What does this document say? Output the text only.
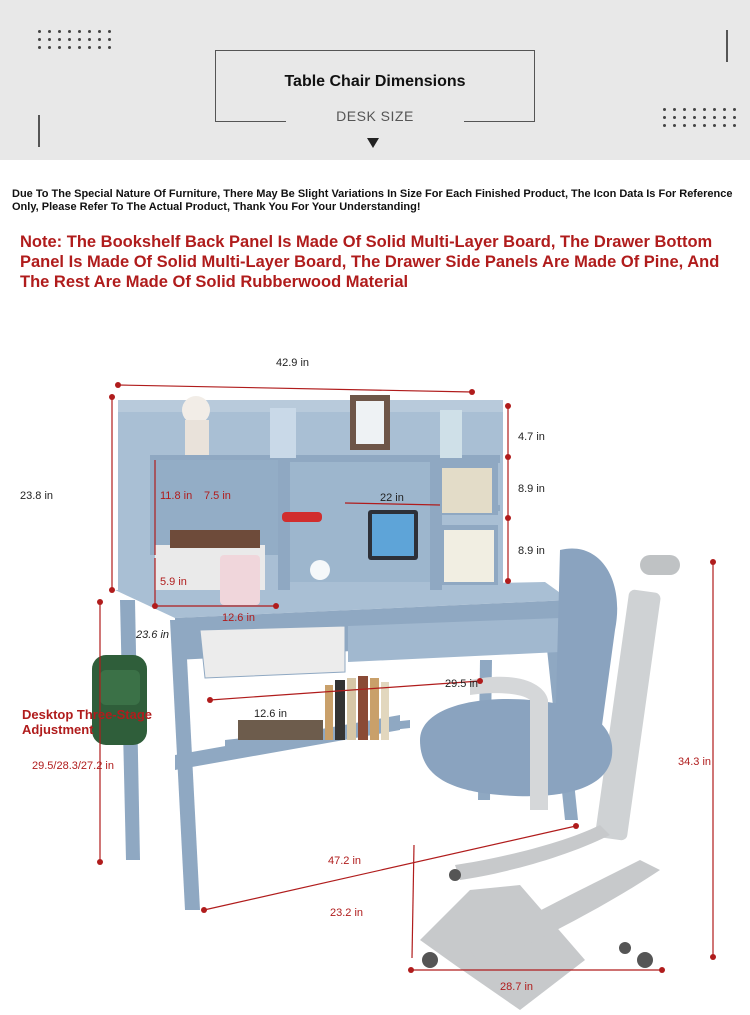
Table Chair Dimensions
DESK SIZE
Due To The Special Nature Of Furniture, There May Be Slight Variations In Size For Each Finished Product, The Icon Data Is For Reference Only, Please Refer To The Actual Product, Thank You For Your Understanding!
Note: The Bookshelf Back Panel Is Made Of Solid Multi-Layer Board, The Drawer Bottom Panel Is Made Of Solid Multi-Layer Board, The Drawer Side Panels Are Made Of Pine, And The Rest Are Made Of Solid Rubberwood Material
42.9 in
23.8 in
4.7 in
8.9 in
8.9 in
11.8 in 7.5 in	22 in
5.9 in
12.6 in
23.6 in
29.5 in
12.6 in
29.5/28.3/27.2 in
47.2 in
23.2 in
34.3 in
28.7 in
Desktop Three-Stage
Adjustment
